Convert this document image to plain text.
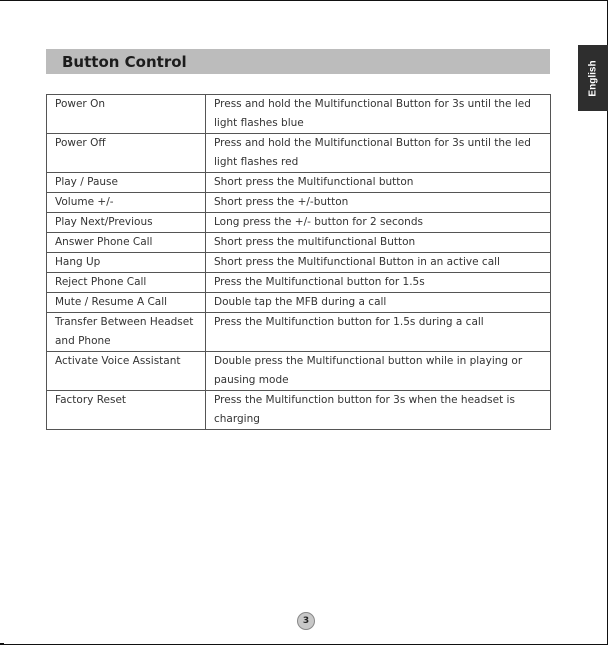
English
Button Control
Power On	Press and hold the Multifunctional Button for 3s until the led light flashes blue
Power Off	Press and hold the Multifunctional Button for 3s until the led light flashes red
Play / Pause	Short press the Multifunctional button
Volume +/-	Short press the +/-button
Play Next/Previous	Long press the +/- button for 2 seconds
Answer Phone Call	Short press the multifunctional Button
Hang Up	Short press the Multifunctional Button in an active call
Reject Phone Call	Press the Multifunctional button for 1.5s
Mute / Resume A Call	Double tap the MFB during a call
Transfer Between Headset and Phone	Press the Multifunction button for 1.5s during a call
Activate Voice Assistant	Double press the Multifunctional button while in playing or pausing mode
Factory Reset	Press the Multifunction button for 3s when the headset is charging
3
